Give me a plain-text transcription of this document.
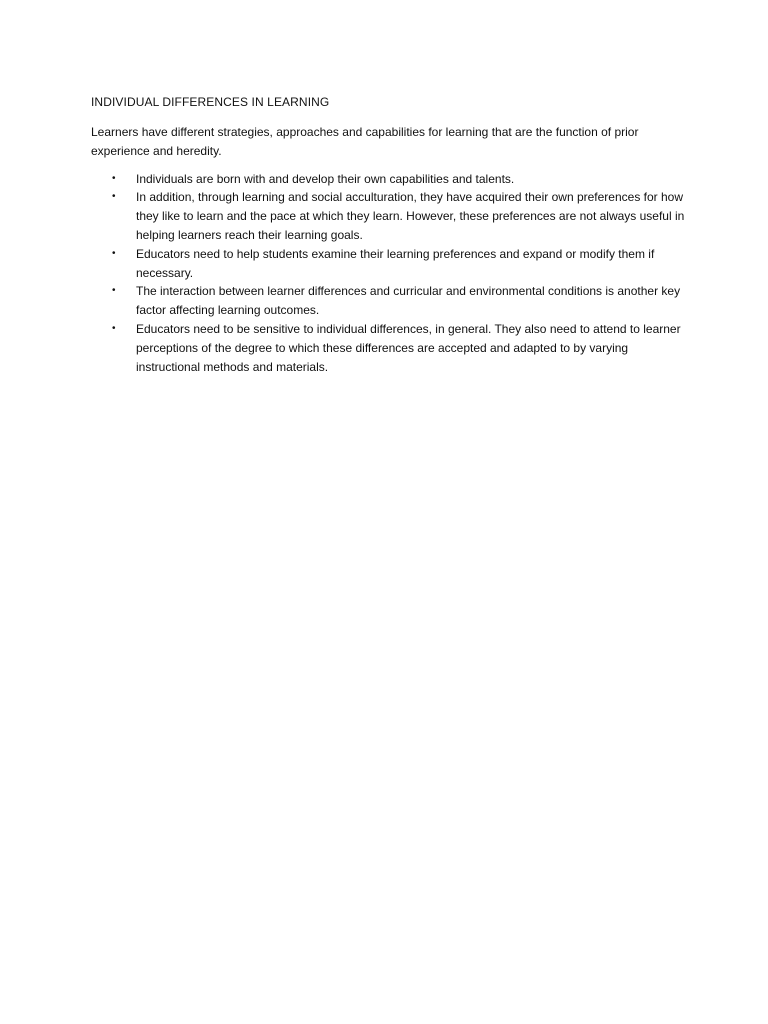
INDIVIDUAL DIFFERENCES IN LEARNING

Learners have different strategies, approaches and capabilities for learning that are the function of prior experience and heredity.

• Individuals are born with and develop their own capabilities and talents.
• In addition, through learning and social acculturation, they have acquired their own preferences for how they like to learn and the pace at which they learn. However, these preferences are not always useful in helping learners reach their learning goals.
• Educators need to help students examine their learning preferences and expand or modify them if necessary.
• The interaction between learner differences and curricular and environmental conditions is another key factor affecting learning outcomes.
• Educators need to be sensitive to individual differences, in general. They also need to attend to learner perceptions of the degree to which these differences are accepted and adapted to by varying instructional methods and materials.
